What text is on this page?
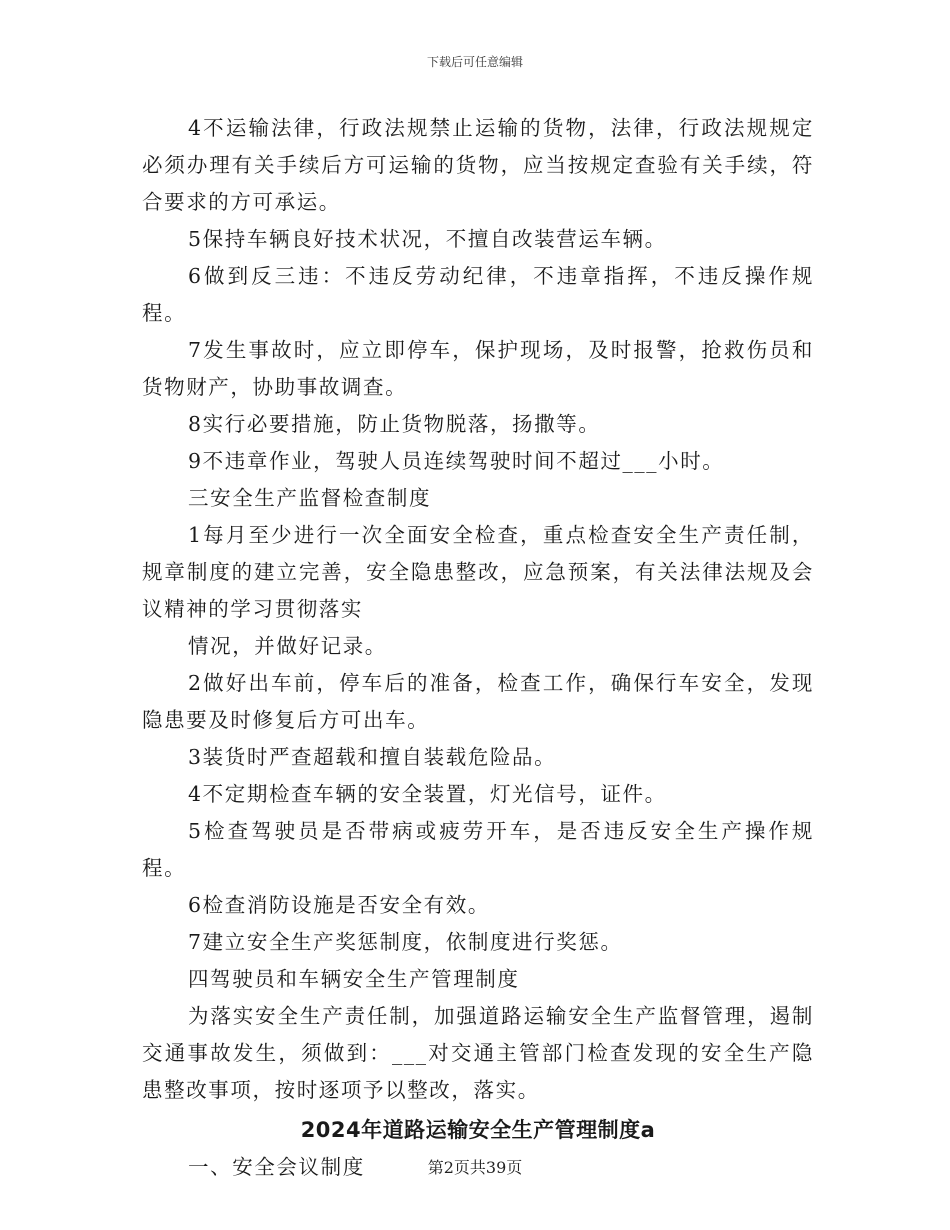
下载后可任意编辑

4不运输法律，行政法规禁止运输的货物，法律，行政法规规定必须办理有关手续后方可运输的货物，应当按规定查验有关手续，符合要求的方可承运。

5保持车辆良好技术状况，不擅自改装营运车辆。

6做到反三违：不违反劳动纪律，不违章指挥，不违反操作规程。

7发生事故时，应立即停车，保护现场，及时报警，抢救伤员和货物财产，协助事故调查。

8实行必要措施，防止货物脱落，扬撒等。

9不违章作业，驾驶人员连续驾驶时间不超过___小时。

三安全生产监督检查制度

1每月至少进行一次全面安全检查，重点检查安全生产责任制，规章制度的建立完善，安全隐患整改，应急预案，有关法律法规及会议精神的学习贯彻落实

情况，并做好记录。

2做好出车前，停车后的准备，检查工作，确保行车安全，发现隐患要及时修复后方可出车。

3装货时严查超载和擅自装载危险品。

4不定期检查车辆的安全装置，灯光信号，证件。

5检查驾驶员是否带病或疲劳开车，是否违反安全生产操作规程。

6检查消防设施是否安全有效。

7建立安全生产奖惩制度，依制度进行奖惩。

四驾驶员和车辆安全生产管理制度

为落实安全生产责任制，加强道路运输安全生产监督管理，遏制交通事故发生，须做到：___对交通主管部门检查发现的安全生产隐患整改事项，按时逐项予以整改，落实。

2024年道路运输安全生产管理制度a

一、安全会议制度	第2页共39页
